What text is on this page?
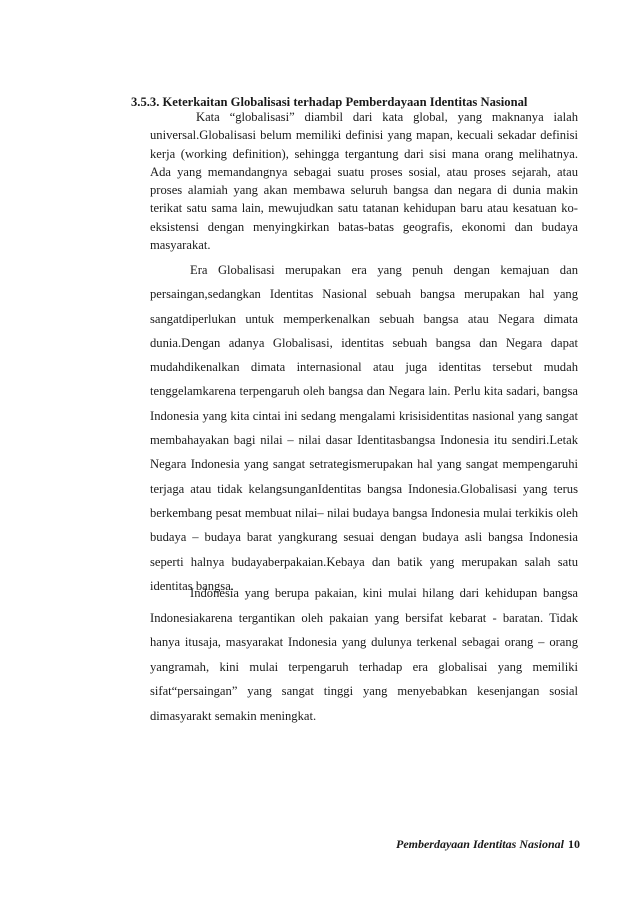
3.5.3. Keterkaitan Globalisasi terhadap Pemberdayaan Identitas Nasional

Kata “globalisasi” diambil dari kata global, yang maknanya ialah universal.Globalisasi belum memiliki definisi yang mapan, kecuali sekadar definisi kerja (working definition), sehingga tergantung dari sisi mana orang melihatnya. Ada yang memandangnya sebagai suatu proses sosial, atau proses sejarah, atau proses alamiah yang akan membawa seluruh bangsa dan negara di dunia makin terikat satu sama lain, mewujudkan satu tatanan kehidupan baru atau kesatuan ko-eksistensi dengan menyingkirkan batas-batas geografis, ekonomi dan budaya masyarakat.

Era Globalisasi merupakan era yang penuh dengan kemajuan dan persaingan,sedangkan Identitas Nasional sebuah bangsa merupakan hal yang sangatdiperlukan untuk memperkenalkan sebuah bangsa atau Negara dimata dunia.Dengan adanya Globalisasi, identitas sebuah bangsa dan Negara dapat mudahdikenalkan dimata internasional atau juga identitas tersebut mudah tenggelamkarena terpengaruh oleh bangsa dan Negara lain. Perlu kita sadari, bangsa Indonesia yang kita cintai ini sedang mengalami krisisidentitas nasional yang sangat membahayakan bagi nilai – nilai dasar Identitasbangsa Indonesia itu sendiri.Letak Negara Indonesia yang sangat setrategismerupakan hal yang sangat mempengaruhi terjaga atau tidak kelangsunganIdentitas bangsa Indonesia.Globalisasi yang terus berkembang pesat membuat nilai– nilai budaya bangsa Indonesia mulai terkikis oleh budaya – budaya barat yangkurang sesuai dengan budaya asli bangsa Indonesia seperti halnya budayaberpakaian.Kebaya dan batik yang merupakan salah satu identitas bangsa.

Indonesia yang berupa pakaian, kini mulai hilang dari kehidupan bangsa Indonesiakarena tergantikan oleh pakaian yang bersifat kebarat - baratan. Tidak hanya itusaja, masyarakat Indonesia yang dulunya terkenal sebagai orang – orang yangramah, kini mulai terpengaruh terhadap era globalisai yang memiliki sifat“persaingan” yang sangat tinggi yang menyebabkan kesenjangan sosial dimasyarakt semakin meningkat.

Pemberdayaan Identitas Nasional 10
